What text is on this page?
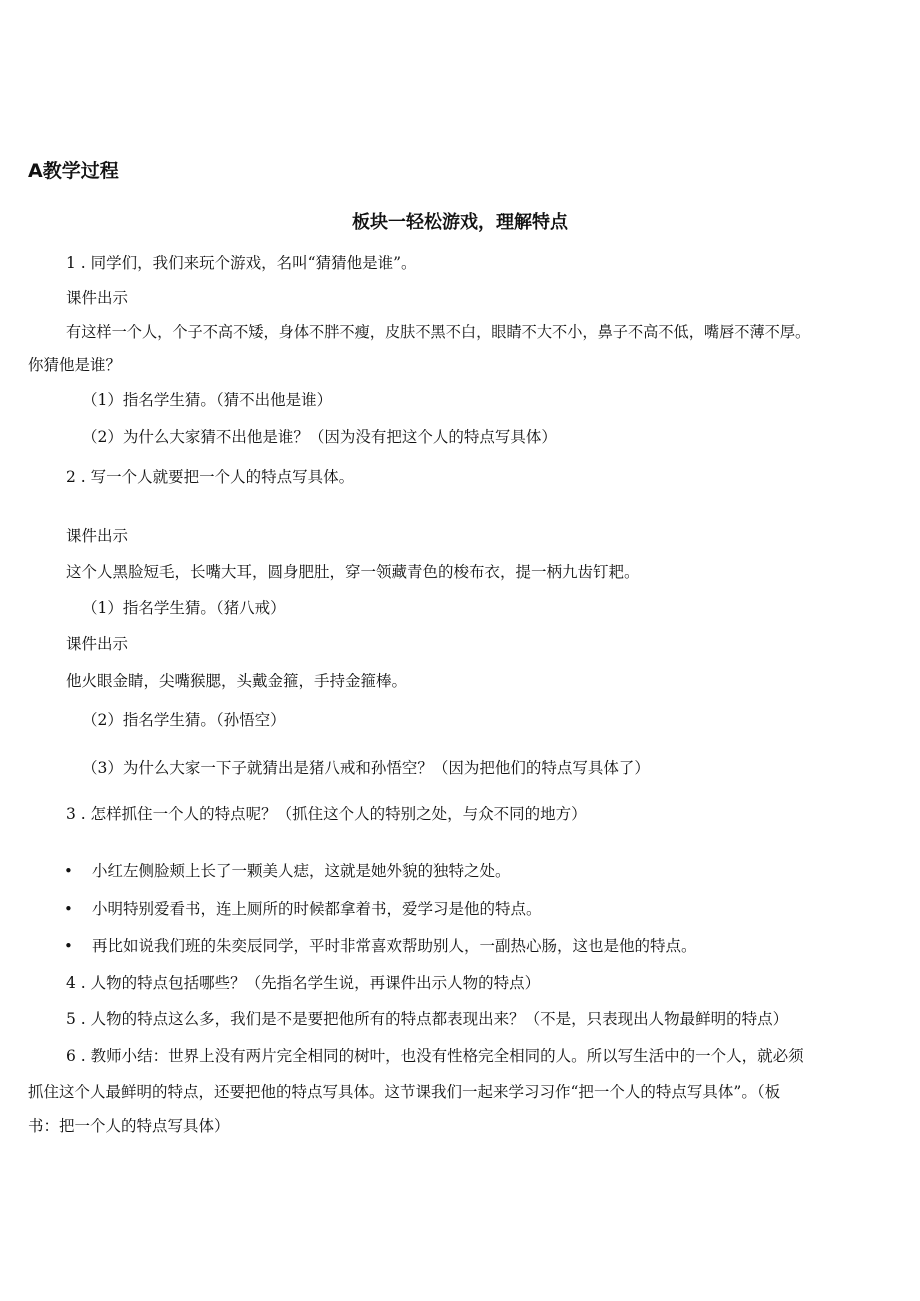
A教学过程
板块一轻松游戏，理解特点
1 . 同学们，我们来玩个游戏，名叫“猜猜他是谁”。
课件出示
有这样一个人，个子不高不矮，身体不胖不瘦，皮肤不黑不白，眼睛不大不小，鼻子不高不低，嘴唇不薄不厚。
你猜他是谁？
（1）指名学生猜。（猜不出他是谁）
（2）为什么大家猜不出他是谁？（因为没有把这个人的特点写具体）
2 . 写一个人就要把一个人的特点写具体。
课件出示
这个人黑脸短毛，长嘴大耳，圆身肥肚，穿一领藏青色的梭布衣，提一柄九齿钉耙。
（1）指名学生猜。（猪八戒）
课件出示
他火眼金睛，尖嘴猴腮，头戴金箍，手持金箍棒。
（2）指名学生猜。（孙悟空）
（3）为什么大家一下子就猜出是猪八戒和孙悟空？（因为把他们的特点写具体了）
3 . 怎样抓住一个人的特点呢？（抓住这个人的特别之处，与众不同的地方）
• 小红左侧脸颊上长了一颗美人痣，这就是她外貌的独特之处。
• 小明特别爱看书，连上厕所的时候都拿着书，爱学习是他的特点。
• 再比如说我们班的朱奕辰同学，平时非常喜欢帮助别人，一副热心肠，这也是他的特点。
4 . 人物的特点包括哪些？（先指名学生说，再课件出示人物的特点）
5 . 人物的特点这么多，我们是不是要把他所有的特点都表现出来？（不是，只表现出人物最鲜明的特点）
6 . 教师小结：世界上没有两片完全相同的树叶，也没有性格完全相同的人。所以写生活中的一个人，就必须
抓住这个人最鲜明的特点，还要把他的特点写具体。这节课我们一起来学习习作“把一个人的特点写具体”。（板
书：把一个人的特点写具体）
